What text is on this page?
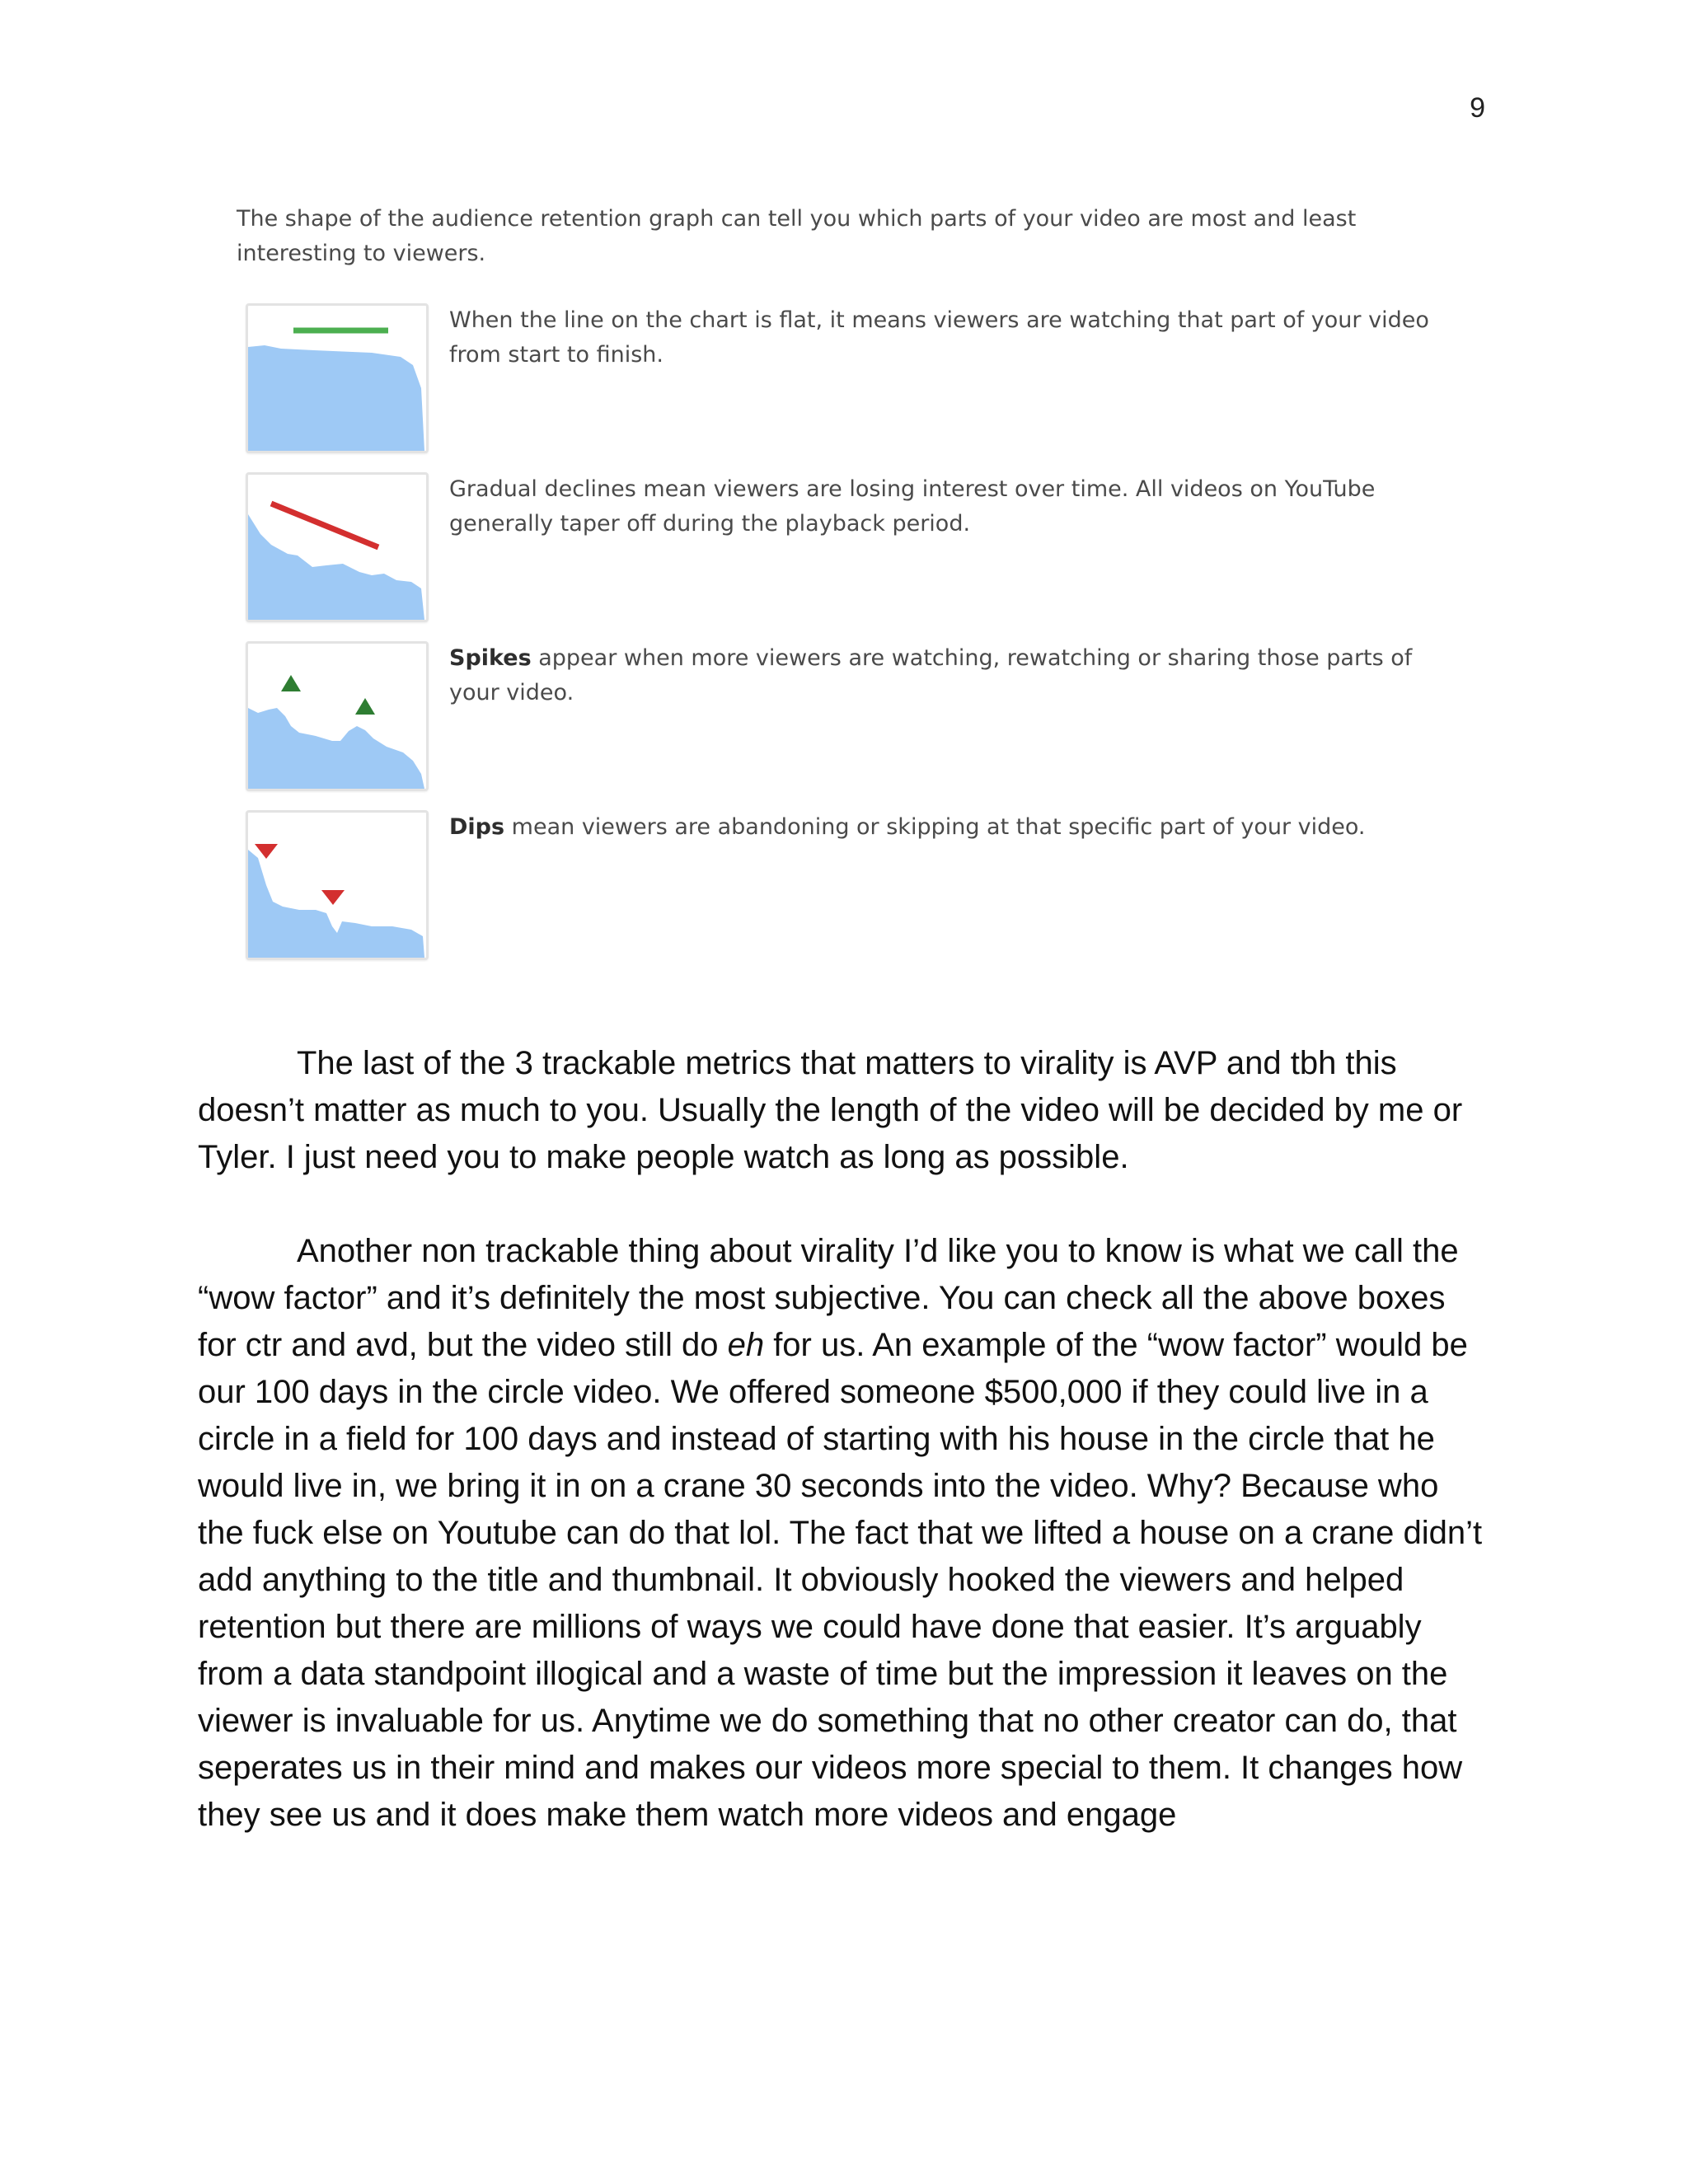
9
The shape of the audience retention graph can tell you which parts of your video are most and least interesting to viewers.
When the line on the chart is flat, it means viewers are watching that part of your video from start to finish.
Gradual declines mean viewers are losing interest over time. All videos on YouTube generally taper off during the playback period.
Spikes appear when more viewers are watching, rewatching or sharing those parts of your video.
Dips mean viewers are abandoning or skipping at that specific part of your video.

The last of the 3 trackable metrics that matters to virality is AVP and tbh this doesn’t matter as much to you. Usually the length of the video will be decided by me or Tyler. I just need you to make people watch as long as possible.

Another non trackable thing about virality I’d like you to know is what we call the “wow factor” and it’s definitely the most subjective. You can check all the above boxes for ctr and avd, but the video still do eh for us. An example of the “wow factor” would be our 100 days in the circle video. We offered someone $500,000 if they could live in a circle in a field for 100 days and instead of starting with his house in the circle that he would live in, we bring it in on a crane 30 seconds into the video. Why? Because who the fuck else on Youtube can do that lol. The fact that we lifted a house on a crane didn’t add anything to the title and thumbnail. It obviously hooked the viewers and helped retention but there are millions of ways we could have done that easier. It’s arguably from a data standpoint illogical and a waste of time but the impression it leaves on the viewer is invaluable for us. Anytime we do something that no other creator can do, that seperates us in their mind and makes our videos more special to them. It changes how they see us and it does make them watch more videos and engage
